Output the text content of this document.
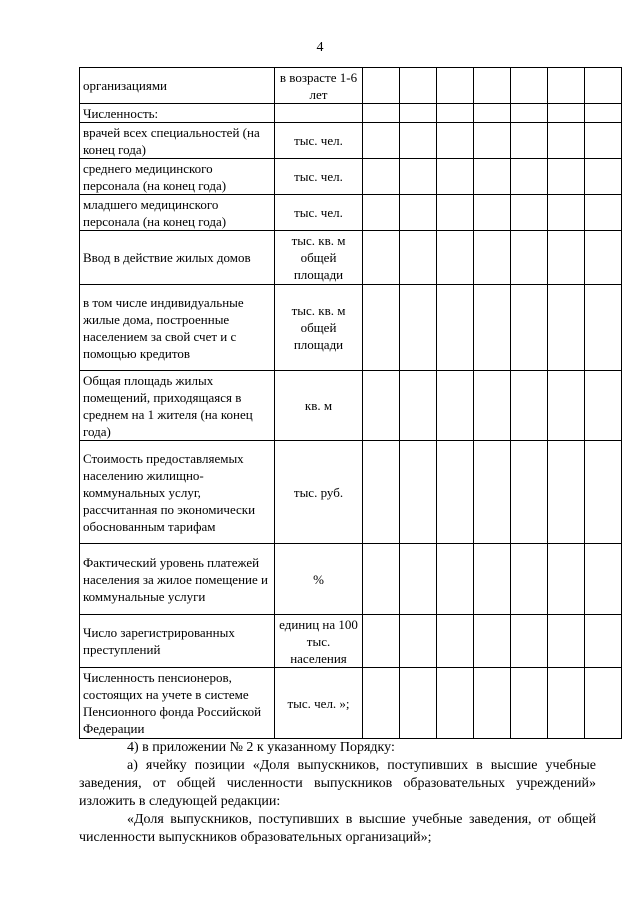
4
организациями	в возрасте 1-6 лет							
Численность:								
врачей всех специальностей (на конец года)	тыс. чел.							
среднего медицинского персонала (на конец года)	тыс. чел.							
младшего медицинского персонала (на конец года)	тыс. чел.							
Ввод в действие жилых домов	тыс. кв. м общей площади							
в том числе индивидуальные жилые дома, построенные населением за свой счет и с помощью кредитов	тыс. кв. м общей площади							
Общая площадь жилых помещений, приходящаяся в среднем на 1 жителя (на конец года)	кв. м							
Стоимость предоставляемых населению жилищно-коммунальных услуг, рассчитанная по экономически обоснованным тарифам	тыс. руб.							
Фактический уровень платежей населения за жилое помещение и коммунальные услуги	%							
Число зарегистрированных преступлений	единиц на 100 тыс. населения							
Численность пенсионеров, состоящих на учете в системе Пенсионного фонда Российской Федерации	тыс. чел. »;							

4) в приложении № 2 к указанному Порядку:

а) ячейку позиции «Доля выпускников, поступивших в высшие учебные заведения, от общей численности выпускников образовательных учреждений» изложить в следующей редакции:

«Доля выпускников, поступивших в высшие учебные заведения, от общей численности выпускников образовательных организаций»;
